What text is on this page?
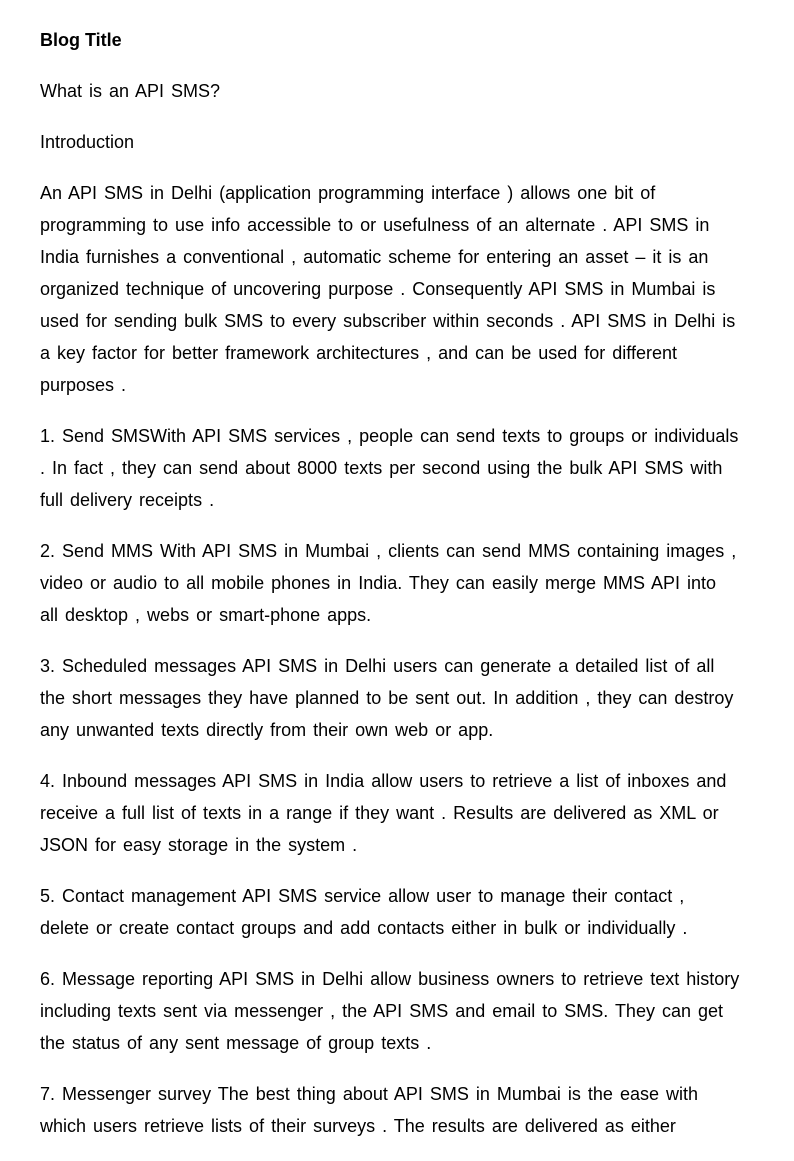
Blog Title

What is an API SMS?

Introduction

An API SMS in Delhi (application programming interface ) allows one bit of programming to use info accessible to or usefulness of an alternate . API SMS in India furnishes a conventional , automatic scheme for entering an asset – it is an organized technique of uncovering purpose . Consequently API SMS in Mumbai is used for sending bulk SMS to every subscriber within seconds . API SMS in Delhi is a key factor for better framework architectures , and can be used for different purposes .

1. Send SMSWith API SMS services , people can send texts to groups or individuals . In fact , they can send about 8000 texts per second using the bulk API SMS with full delivery receipts .

2. Send MMS With API SMS in Mumbai , clients can send MMS containing images , video or audio to all mobile phones in India. They can easily merge MMS API into all desktop , webs or smart-phone apps.

3. Scheduled messages API SMS in Delhi users can generate a detailed list of all the short messages they have planned to be sent out. In addition , they can destroy any unwanted texts directly from their own web or app.

4. Inbound messages API SMS in India allow users to retrieve a list of inboxes and receive a full list of texts in a range if they want . Results are delivered as XML or JSON for easy storage in the system .

5. Contact management API SMS service allow user to manage their contact , delete or create contact groups and add contacts either in bulk or individually .

6. Message reporting API SMS in Delhi allow business owners to retrieve text history including texts sent via messenger , the API SMS and email to SMS. They can get the status of any sent message of group texts .

7. Messenger survey The best thing about API SMS in Mumbai is the ease with which users retrieve lists of their surveys . The results are delivered as either
